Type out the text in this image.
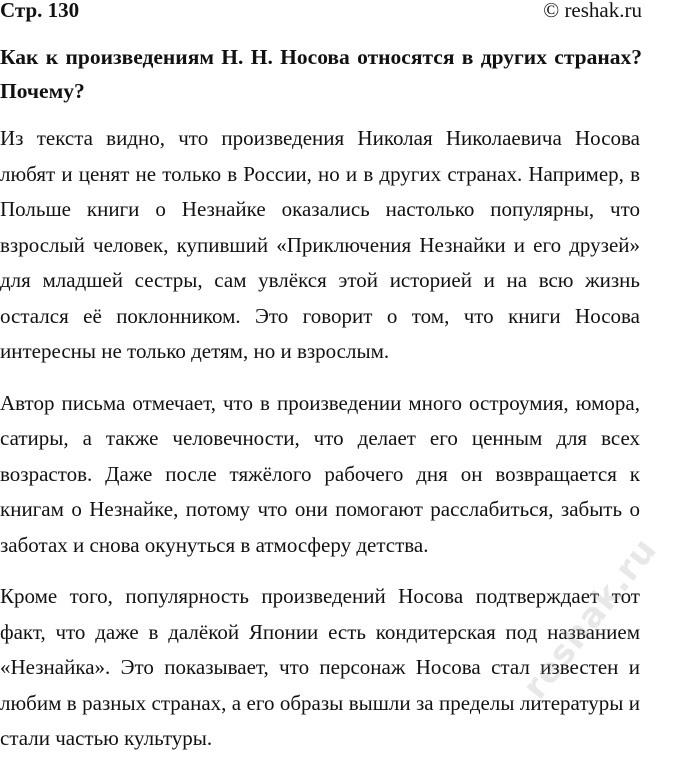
Стр. 130	© reshak.ru
Как к произведениям Н. Н. Носова относятся в других странах? Почему?

Из текста видно, что произведения Николая Николаевича Носова любят и ценят не только в России, но и в других странах. Например, в Польше книги о Незнайке оказались настолько популярны, что взрослый человек, купивший «Приключения Незнайки и его друзей» для младшей сестры, сам увлёкся этой историей и на всю жизнь остался её поклонником. Это говорит о том, что книги Носова интересны не только детям, но и взрослым.

Автор письма отмечает, что в произведении много остроумия, юмора, сатиры, а также человечности, что делает его ценным для всех возрастов. Даже после тяжёлого рабочего дня он возвращается к книгам о Незнайке, потому что они помогают расслабиться, забыть о заботах и снова окунуться в атмосферу детства.

Кроме того, популярность произведений Носова подтверждает тот факт, что даже в далёкой Японии есть кондитерская под названием «Незнайка». Это показывает, что персонаж Носова стал известен и любим в разных странах, а его образы вышли за пределы литературы и стали частью культуры.

reshak.ru
